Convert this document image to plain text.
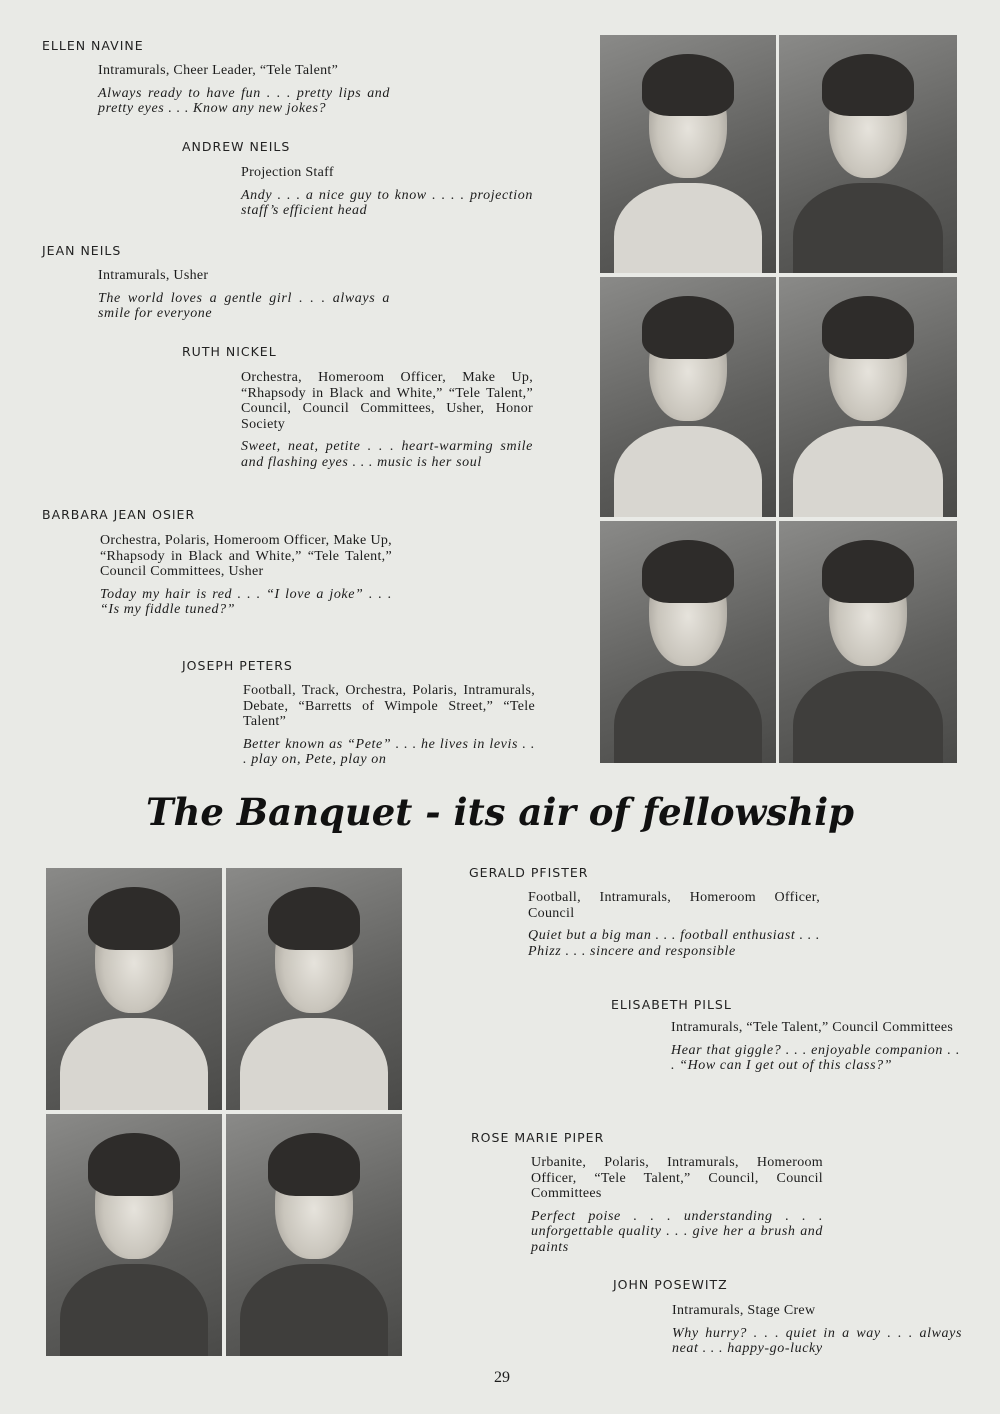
ELLEN NAVINE

Intramurals, Cheer Leader, “Tele Talent”

Always ready to have fun . . . pretty lips and pretty eyes . . . Know any new jokes?

ANDREW NEILS

Projection Staff

Andy . . . a nice guy to know . . . . projection staff’s efficient head

JEAN NEILS

Intramurals, Usher

The world loves a gentle girl . . . always a smile for everyone

RUTH NICKEL

Orchestra, Homeroom Officer, Make Up, “Rhapsody in Black and White,” “Tele Talent,” Council, Council Committees, Usher, Honor Society

Sweet, neat, petite . . . heart-warming smile and flashing eyes . . . music is her soul

BARBARA JEAN OSIER

Orchestra, Polaris, Homeroom Officer, Make Up, “Rhapsody in Black and White,” “Tele Talent,” Council Committees, Usher

Today my hair is red . . . “I love a joke” . . . “Is my fiddle tuned?”

JOSEPH PETERS

Football, Track, Orchestra, Polaris, Intramurals, Debate, “Barretts of Wimpole Street,” “Tele Talent”

Better known as “Pete” . . . he lives in levis . . . play on, Pete, play on

The Banquet - its air of fellowship
GERALD PFISTER

Football, Intramurals, Homeroom Officer, Council

Quiet but a big man . . . football enthusiast . . . Phizz . . . sincere and responsible

ELISABETH PILSL

Intramurals, “Tele Talent,” Council Committees

Hear that giggle? . . . enjoyable companion . . . “How can I get out of this class?”

ROSE MARIE PIPER

Urbanite, Polaris, Intramurals, Homeroom Officer, “Tele Talent,” Council, Council Committees

Perfect poise . . . understanding . . . unforgettable quality . . . give her a brush and paints

JOHN POSEWITZ

Intramurals, Stage Crew

Why hurry? . . . quiet in a way . . . always neat . . . happy-go-lucky

29
